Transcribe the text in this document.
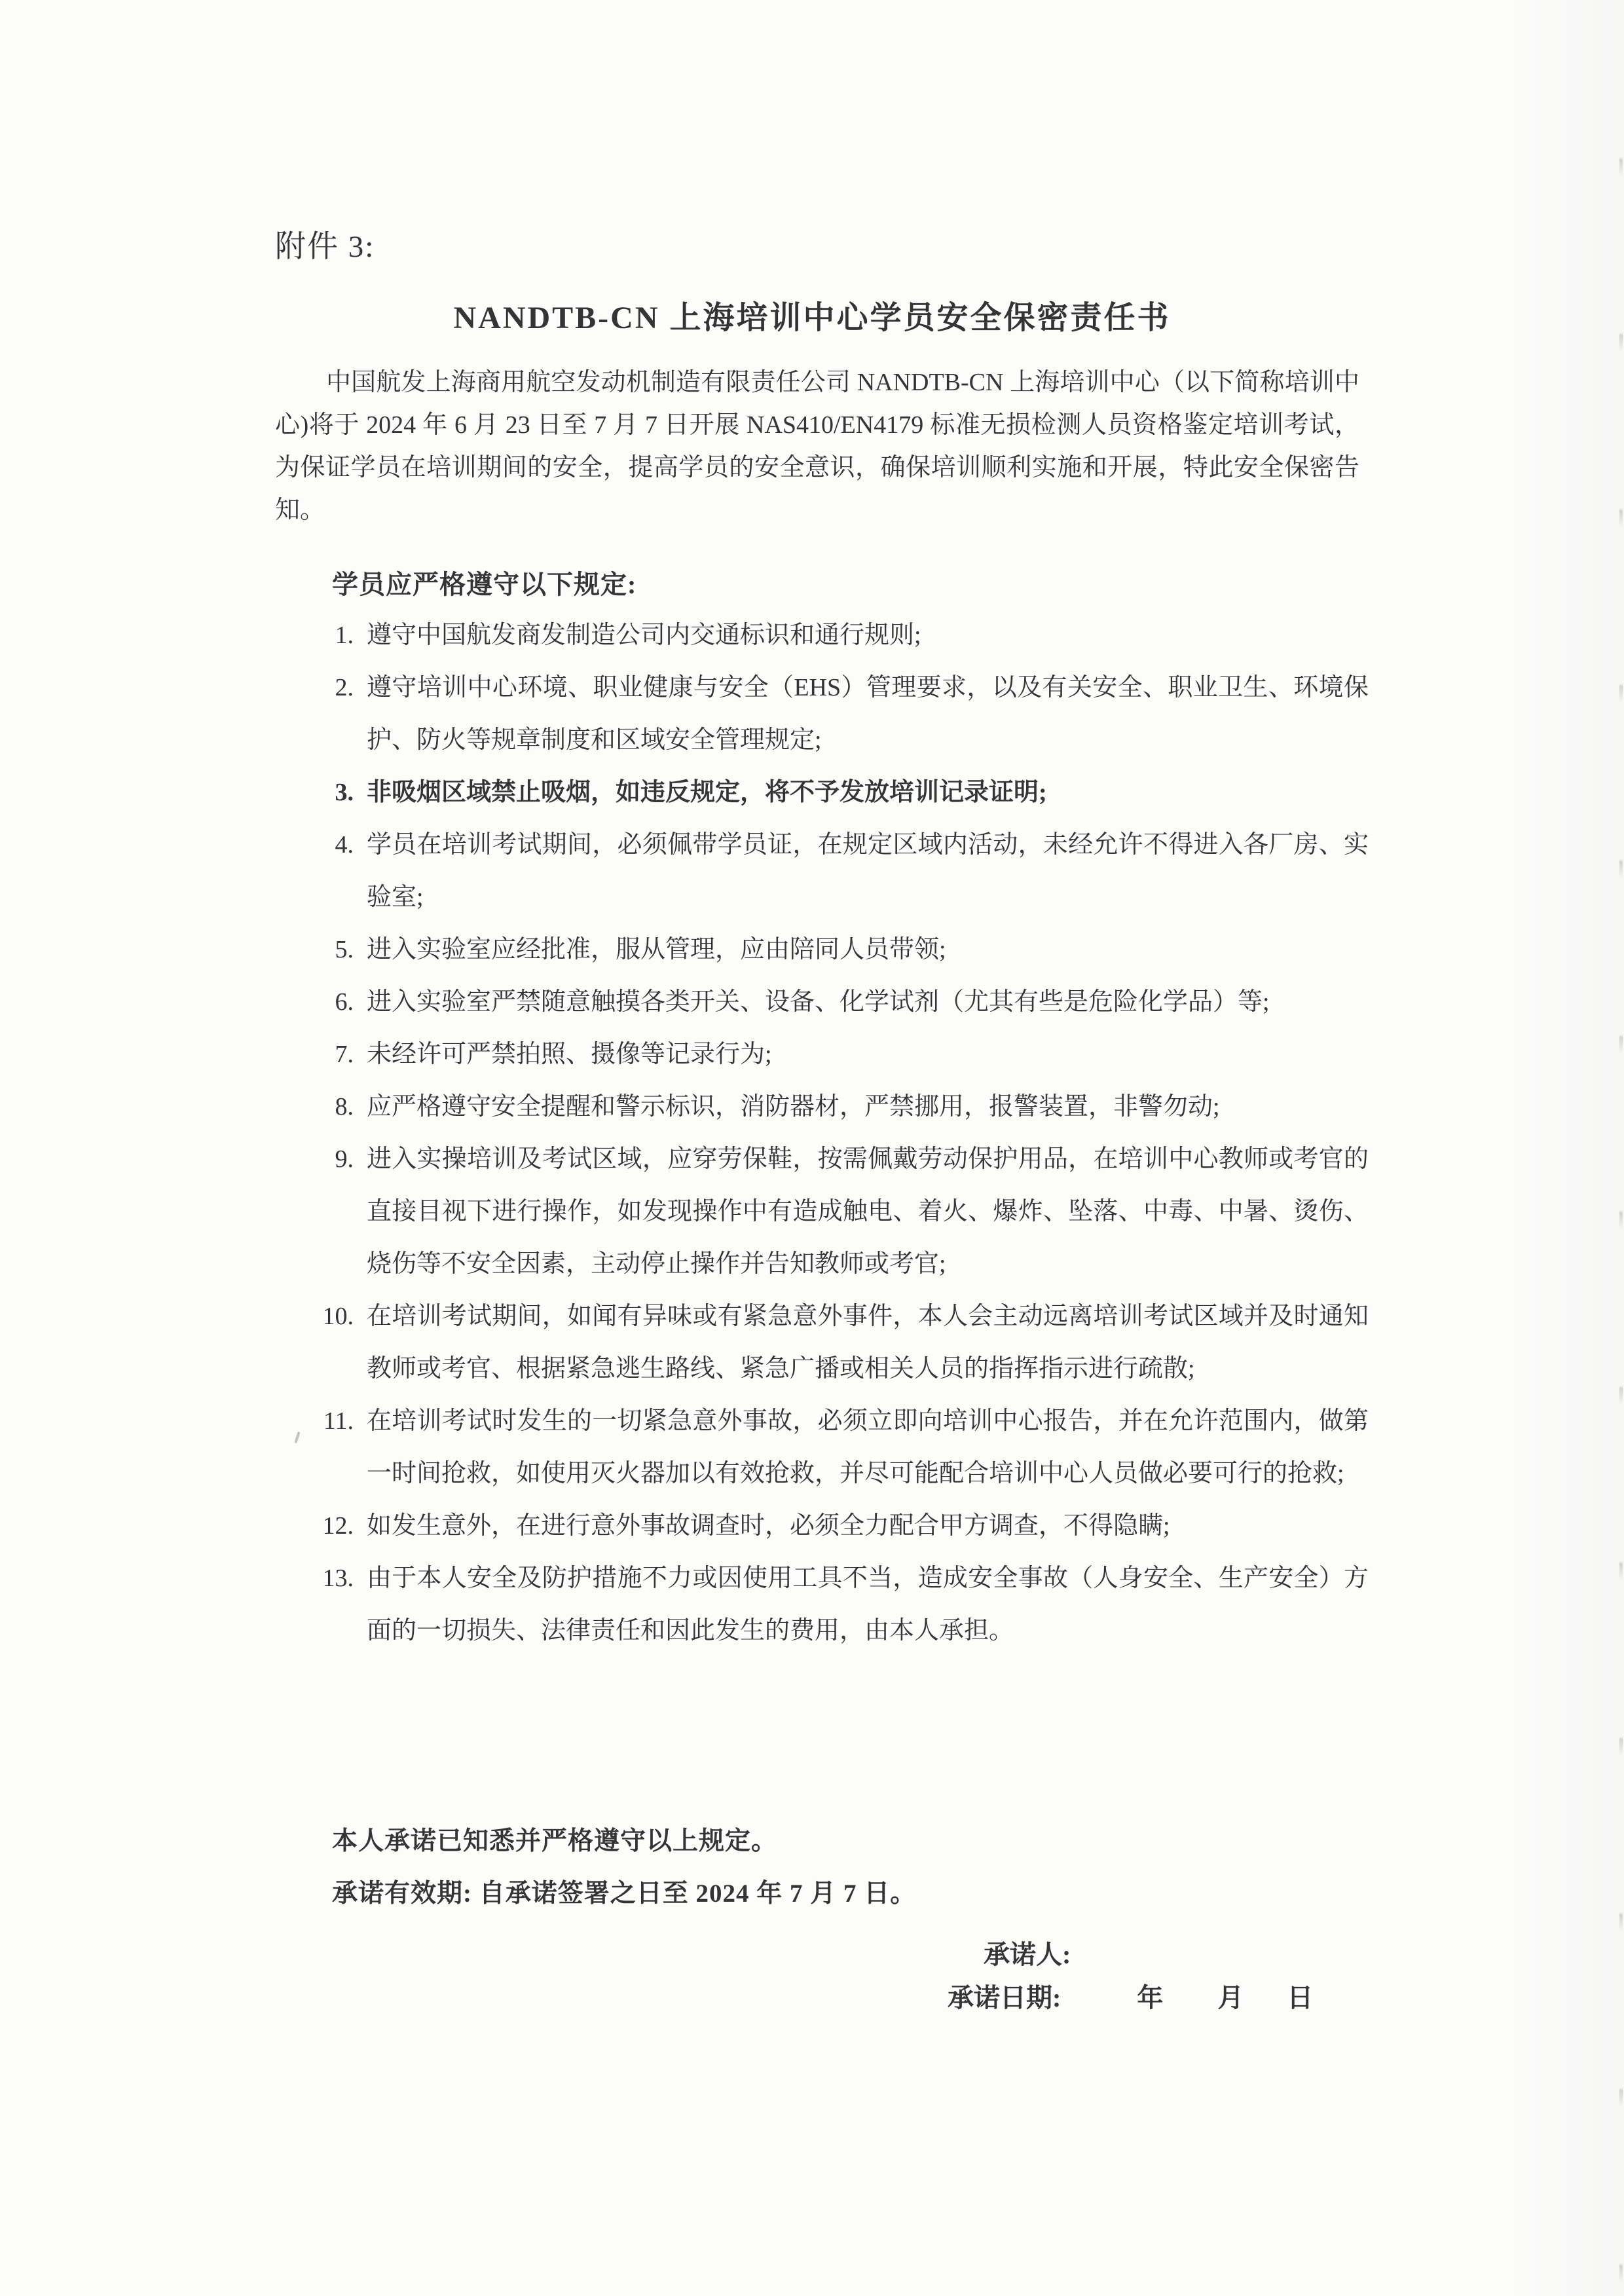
附件 3:
NANDTB-CN 上海培训中心学员安全保密责任书

中国航发上海商用航空发动机制造有限责任公司 NANDTB-CN 上海培训中心（以下简称培训中心)将于 2024 年 6 月 23 日至 7 月 7 日开展 NAS410/EN4179 标准无损检测人员资格鉴定培训考试，为保证学员在培训期间的安全，提高学员的安全意识，确保培训顺利实施和开展，特此安全保密告知。

学员应严格遵守以下规定:
1. 遵守中国航发商发制造公司内交通标识和通行规则;
2. 遵守培训中心环境、职业健康与安全（EHS）管理要求，以及有关安全、职业卫生、环境保护、防火等规章制度和区域安全管理规定;
3. 非吸烟区域禁止吸烟，如违反规定，将不予发放培训记录证明;
4. 学员在培训考试期间，必须佩带学员证，在规定区域内活动，未经允许不得进入各厂房、实验室;
5. 进入实验室应经批准，服从管理，应由陪同人员带领;
6. 进入实验室严禁随意触摸各类开关、设备、化学试剂（尤其有些是危险化学品）等;
7. 未经许可严禁拍照、摄像等记录行为;
8. 应严格遵守安全提醒和警示标识，消防器材，严禁挪用，报警装置，非警勿动;
9. 进入实操培训及考试区域，应穿劳保鞋，按需佩戴劳动保护用品，在培训中心教师或考官的直接目视下进行操作，如发现操作中有造成触电、着火、爆炸、坠落、中毒、中暑、烫伤、烧伤等不安全因素，主动停止操作并告知教师或考官;
10. 在培训考试期间，如闻有异味或有紧急意外事件，本人会主动远离培训考试区域并及时通知教师或考官、根据紧急逃生路线、紧急广播或相关人员的指挥指示进行疏散;
11. 在培训考试时发生的一切紧急意外事故，必须立即向培训中心报告，并在允许范围内，做第一时间抢救，如使用灭火器加以有效抢救，并尽可能配合培训中心人员做必要可行的抢救;
12. 如发生意外，在进行意外事故调查时，必须全力配合甲方调查，不得隐瞒;
13. 由于本人安全及防护措施不力或因使用工具不当，造成安全事故（人身安全、生产安全）方面的一切损失、法律责任和因此发生的费用，由本人承担。
本人承诺已知悉并严格遵守以上规定。
承诺有效期: 自承诺签署之日至 2024 年 7 月 7 日。
承诺人:
承诺日期:	年 月 日
